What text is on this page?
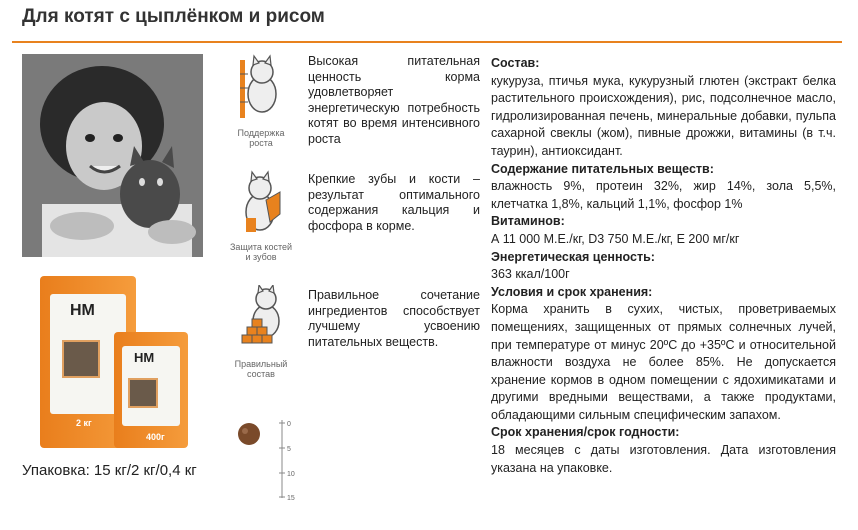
Для котят с цыплёнком и рисом
НМ
2 кг
НМ
400г
Упаковка: 15 кг/2 кг/0,4 кг
Поддержка роста
Высокая питательная ценность корма удовлетворяет энергетическую потребность котят во время интенсивного роста
Защита костей и зубов
Крепкие зубы и кости – результат оптимального содержания кальция и фосфора в корме.
Правильный состав
Правильное сочетание ингредиентов способствует лучшему усвоению питательных веществ.
0
5
10
15

Состав:

кукуруза, птичья мука, кукурузный глютен (экстракт белка растительного происхождения), рис, подсолнечное масло, гидролизированная печень, минеральные добавки, пульпа сахарной свеклы (жом), пивные дрожжи, витамины (в т.ч. таурин), антиоксидант.

Содержание питательных веществ:

влажность 9%, протеин 32%, жир 14%, зола 5,5%, клетчатка 1,8%, кальций 1,1%, фосфор 1%

Витаминов:

А 11 000 М.Е./кг, D3 750 М.Е./кг, Е 200 мг/кг

Энергетическая ценность:

363 ккал/100г

Условия и срок хранения:

Корма хранить в сухих, чистых, проветриваемых помещениях, защищенных от прямых солнечных лучей, при температуре от минус 20ºC до +35ºC и относительной влажности воздуха не более 85%. Не допускается хранение кормов в одном помещении с ядохимикатами и другими вредными веществами, а также продуктами, обладающими сильным специфическим запахом.

Срок хранения/срок годности:

18 месяцев с даты изготовления. Дата изготовления указана на упаковке.
